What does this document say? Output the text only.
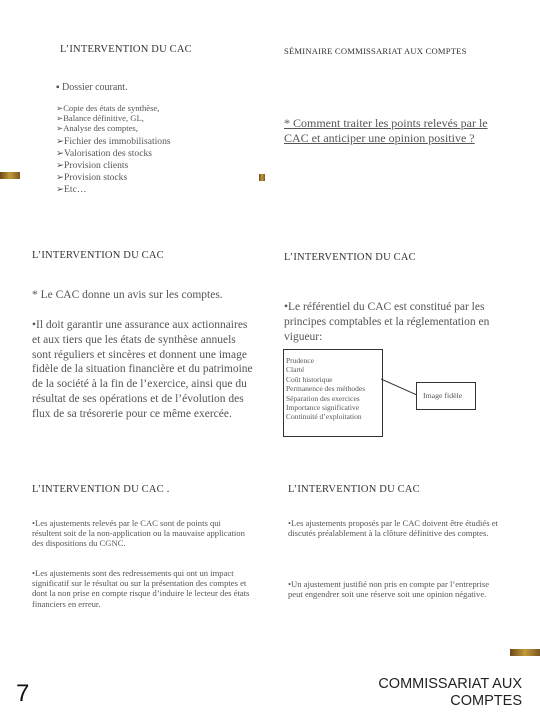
L’INTERVENTION DU CAC
▪ Dossier courant.
➢Copie des états de synthèse,
➢Balance définitive, GL,
➢Analyse des comptes,
➢Fichier des immobilisations
➢Valorisation des stocks
➢Provision clients
➢Provision stocks
➢Etc…
SÉMINAIRE COMMISSARIAT AUX COMPTES
* Comment traiter les points relevés par le CAC et anticiper une opinion positive ?
L’INTERVENTION DU CAC
* Le CAC donne un avis sur les comptes.
•Il doit garantir une assurance aux actionnaires et aux tiers que les états de synthèse annuels sont réguliers et sincères et donnent une image fidèle de la situation financière et du patrimoine de la société à la fin de l’exercice, ainsi que du résultat de ses opérations et de l’évolution des flux de sa trésorerie pour ce même exercée.
L’INTERVENTION DU CAC
•Le référentiel du CAC est constitué par les principes comptables et la réglementation en vigueur:
Prudence
Clarté
Coût historique
Permanence des méthodes
Séparation des exercices
Importance significative
Continuité d’exploitation
Image fidèle
L’INTERVENTION DU CAC .
•Les ajustements relevés par le CAC sont de points qui résultent soit de la non-application ou la mauvaise application des dispositions du CGNC.
•Les ajustements sont des redressements qui ont un impact significatif sur le résultat ou sur la présentation des comptes et dont la non prise en compte risque d’induire le lecteur des états financiers en erreur.
L’INTERVENTION DU CAC
•Les ajustements proposés par le CAC doivent être étudiés et discutés préalablement à la clôture définitive des comptes.
•Un ajustement justifié non pris en compte par l’entreprise peut engendrer soit une réserve soit une opinion négative.
7	COMMISSARIAT AUX
COMPTES
